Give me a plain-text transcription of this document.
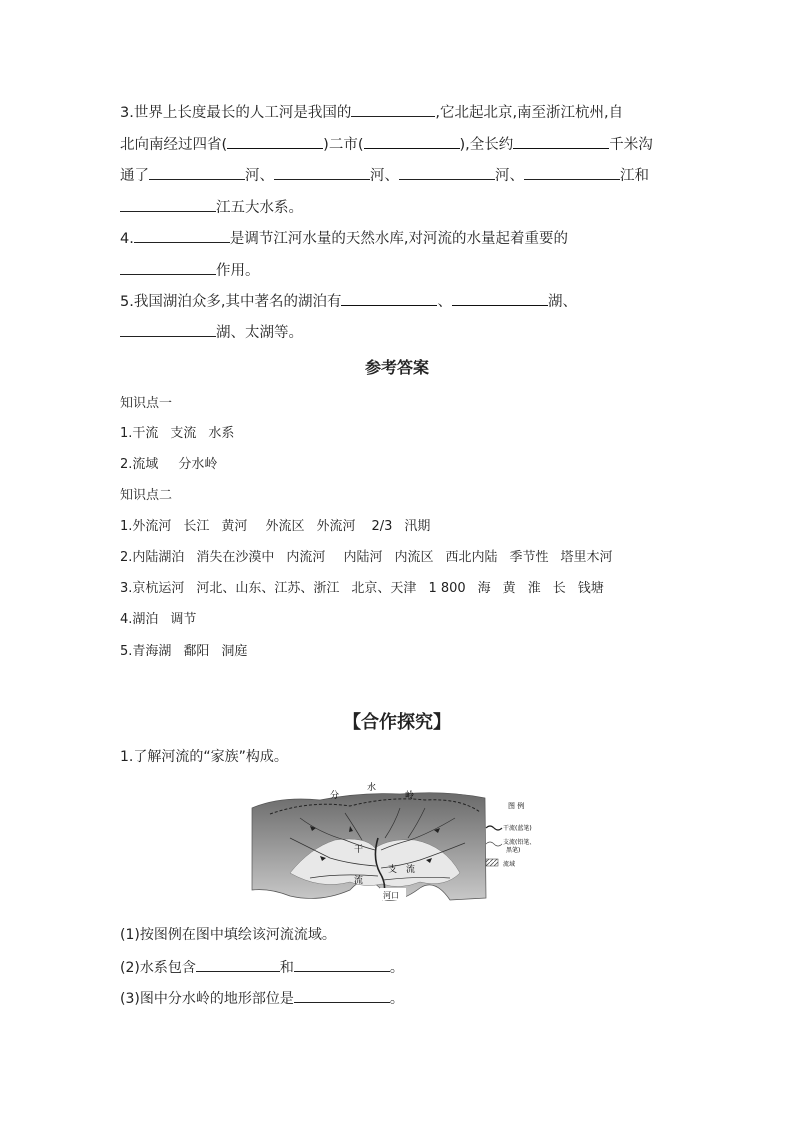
3.世界上长度最长的人工河是我国的	,它北起北京,南至浙江杭州,自
北向南经过四省(	)二市(	),全长约	千米沟
通了	河、	河、	河、	江和
江五大水系。
4.	是调节江河水量的天然水库,对河流的水量起着重要的
作用。
5.我国湖泊众多,其中著名的湖泊有	、	湖、
湖、太湖等。
参考答案
知识点一
1.干流 支流 水系
2.流域 分水岭
知识点二
1.外流河 长江 黄河 外流区 外流河 2/3 汛期
2.内陆湖泊 消失在沙漠中 内流河 内陆河 内流区 西北内陆 季节性 塔里木河
3.京杭运河 河北、山东、江苏、浙江 北京、天津 1 800 海 黄 淮 长 钱塘
4.湖泊 调节
5.青海湖 鄱阳 洞庭
【合作探究】
1.了解河流的“家族”构成。
分
水
岭
干
流
支 流
河口
图 例
干流(蓝笔)
支流(铅笔、
黑笔)
流域
(1)按图例在图中填绘该河流流域。
(2)水系包含	和	。
(3)图中分水岭的地形部位是	。
